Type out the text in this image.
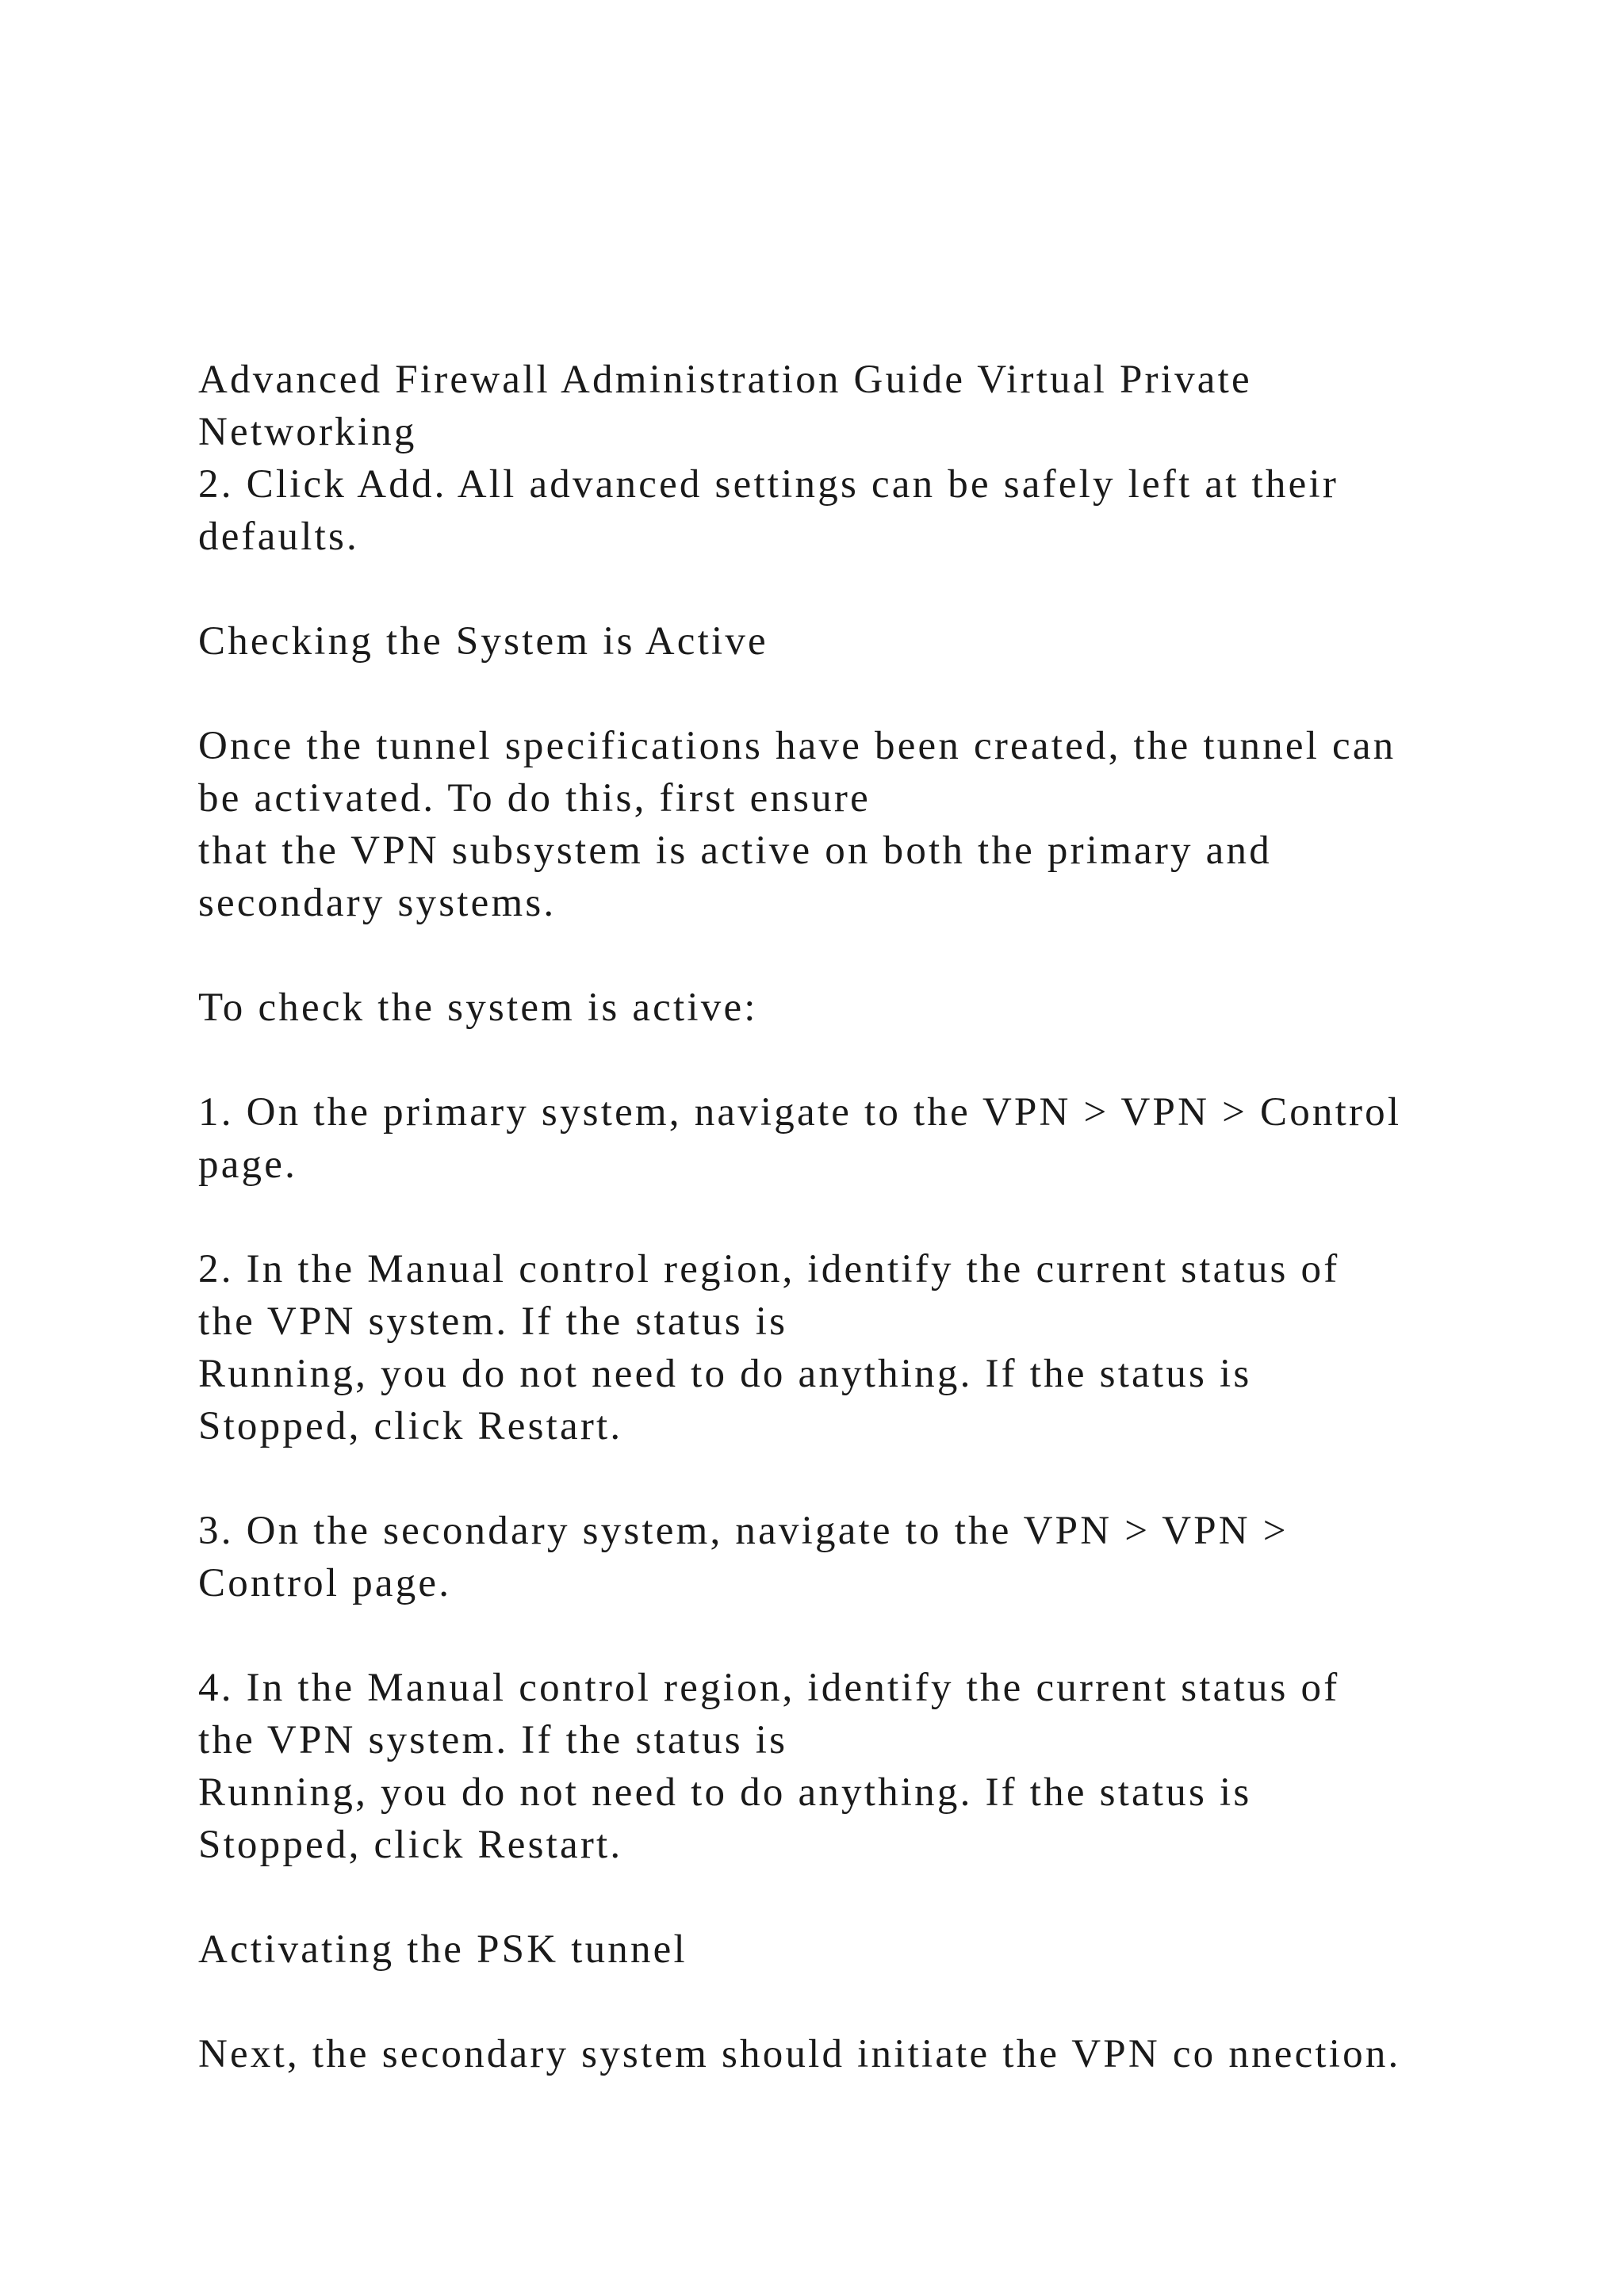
Advanced Firewall Administration Guide Virtual Private

Networking

2. Click Add. All advanced settings can be safely left at their

defaults.

Checking the System is Active

Once the tunnel specifications have been created, the tunnel can

be activated. To do this, first ensure

that the VPN subsystem is active on both the primary and

secondary systems.

To check the system is active:

1. On the primary system, navigate to the VPN > VPN > Control

page.

2. In the Manual control region, identify the current status of

the VPN system. If the status is

Running, you do not need to do anything. If the status is

Stopped, click Restart.

3. On the secondary system, navigate to the VPN > VPN >

Control page.

4. In the Manual control region, identify the current status of

the VPN system. If the status is

Running, you do not need to do anything. If the status is

Stopped, click Restart.

Activating the PSK tunnel

Next, the secondary system should initiate the VPN co nnection.
